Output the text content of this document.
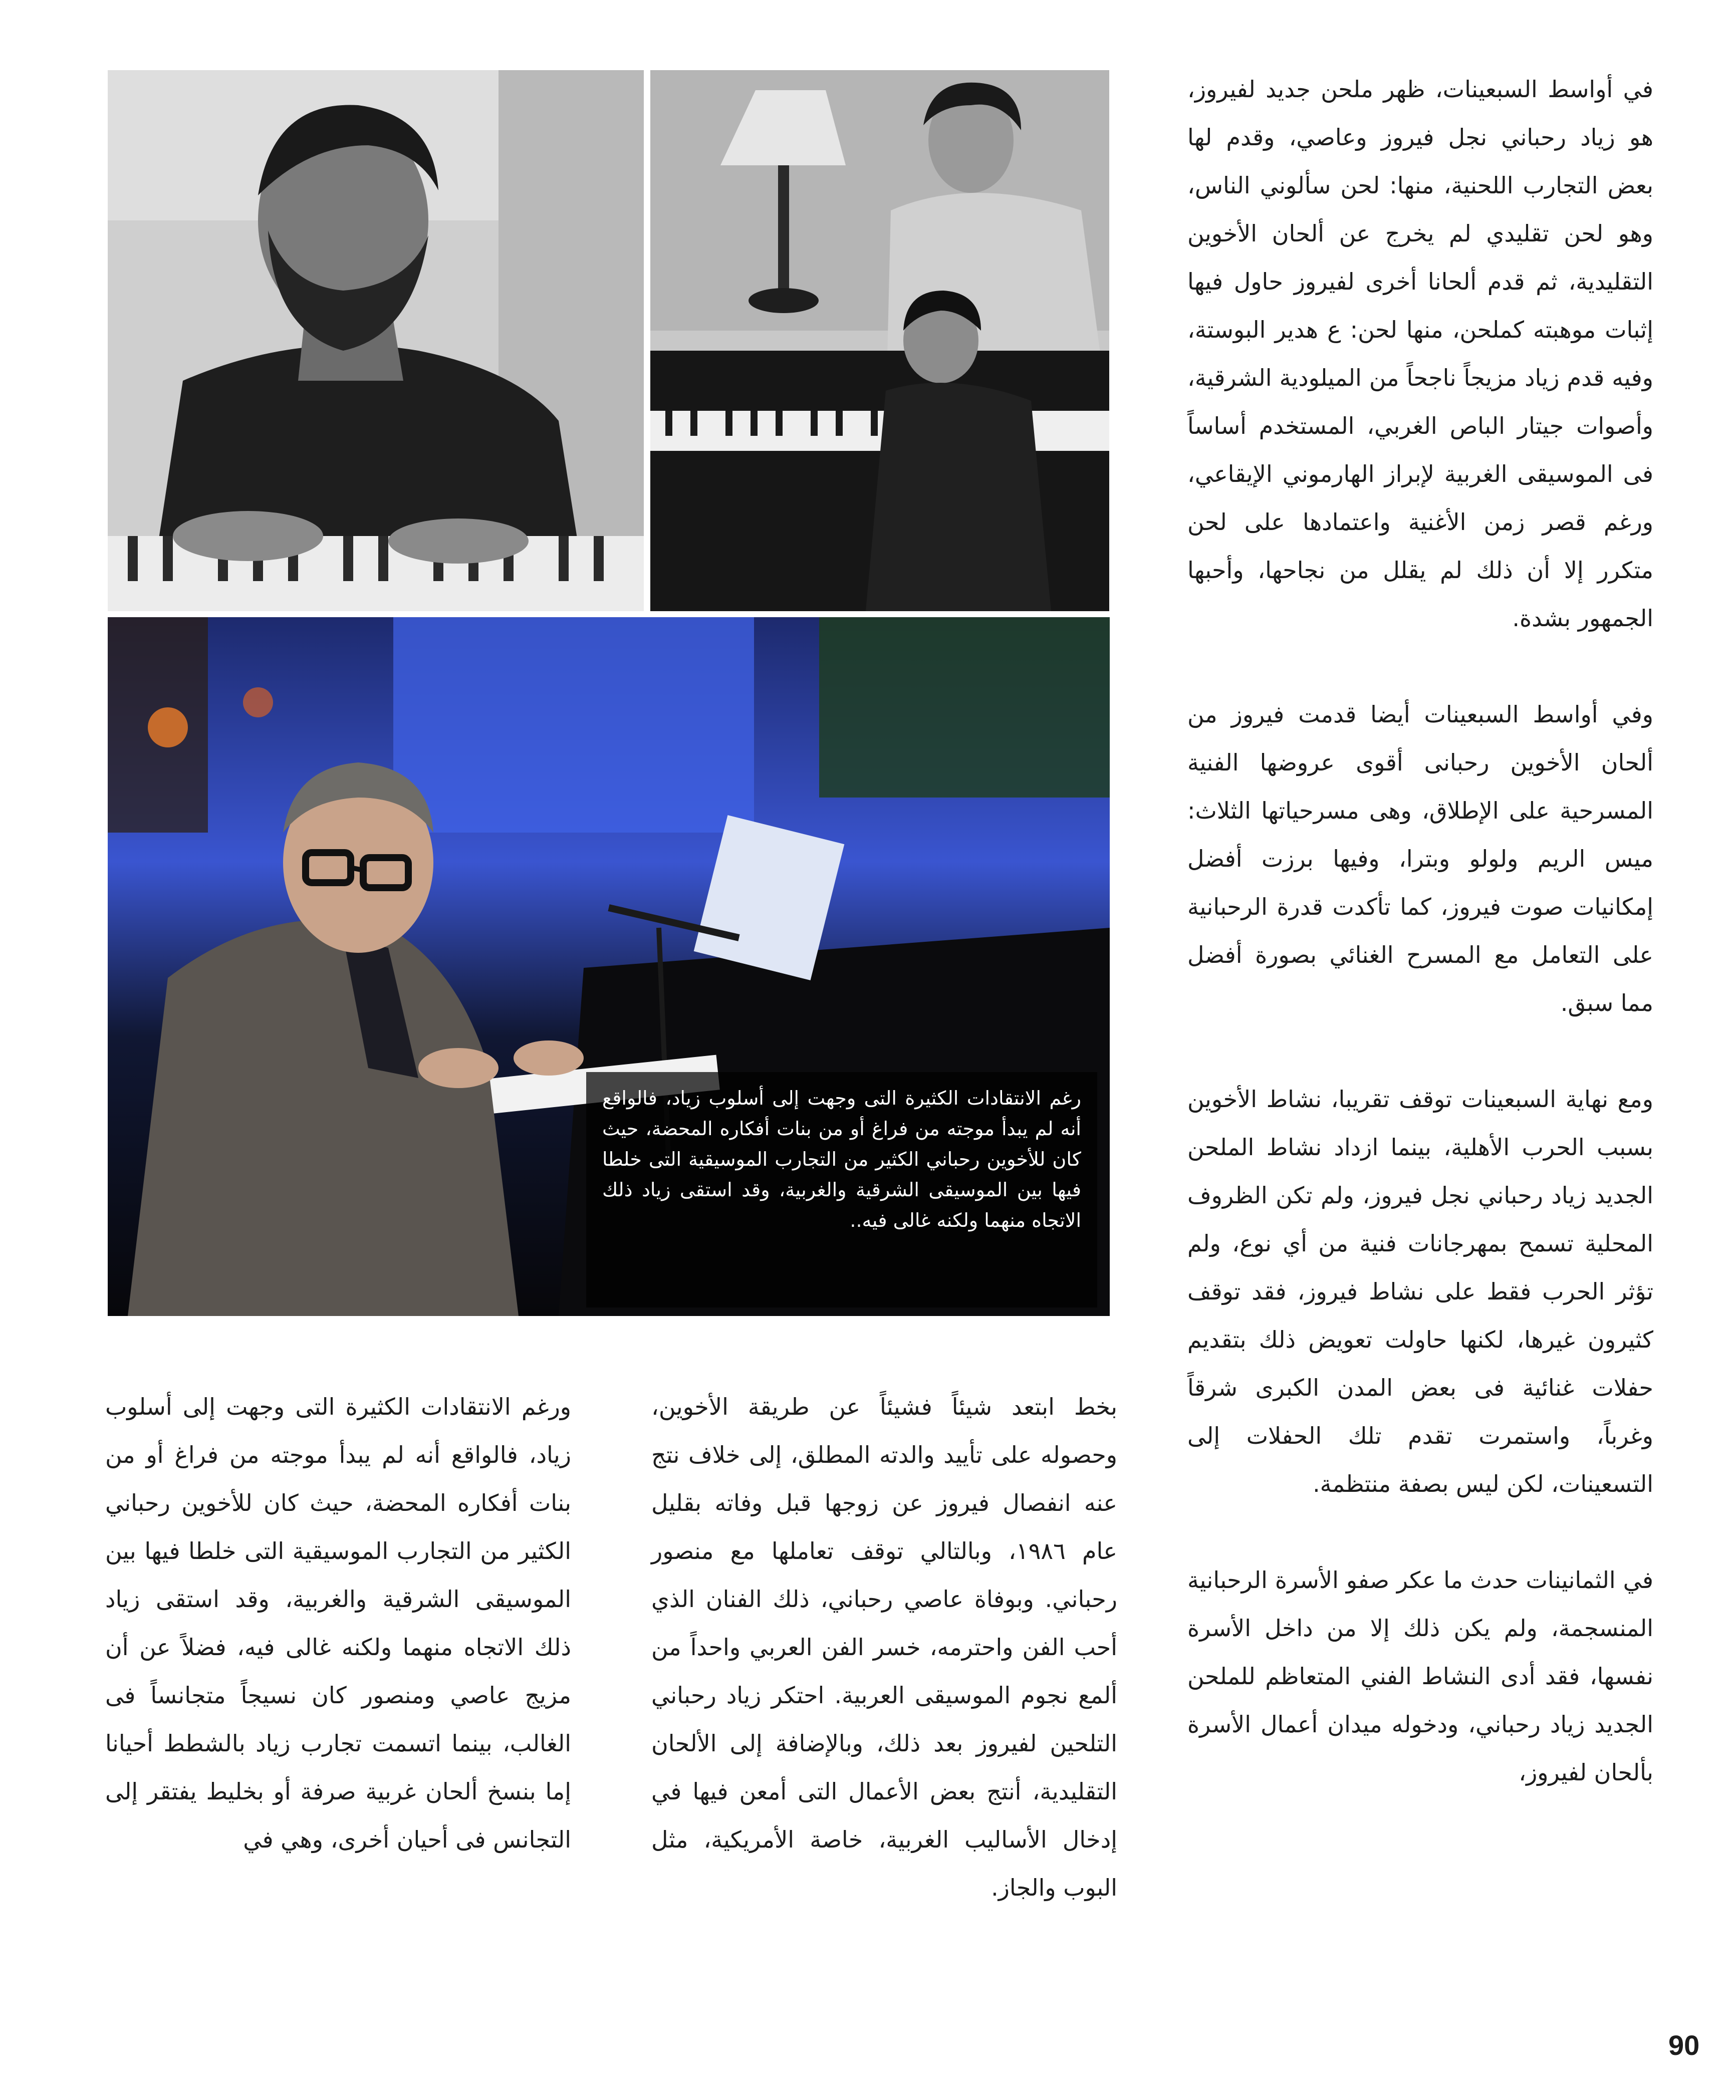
في أواسط السبعينات، ظهر ملحن جديد لفيروز، هو زياد رحباني نجل فيروز وعاصي، وقدم لها بعض التجارب اللحنية، منها: لحن سألوني الناس، وهو لحن تقليدي لم يخرج عن ألحان الأخوين التقليدية، ثم قدم ألحانا أخرى لفيروز حاول فيها إثبات موهبته كملحن، منها لحن: ع هدير البوستة، وفيه قدم زياد مزيجاً ناجحاً من الميلودية الشرقية، وأصوات جيتار الباص الغربي، المستخدم أساساً فى الموسيقى الغربية لإبراز الهارموني الإيقاعي، ورغم قصر زمن الأغنية واعتمادها على لحن متكرر إلا أن ذلك لم يقلل من نجاحها، وأحبها الجمهور بشدة.

وفي أواسط السبعينات أيضا قدمت فيروز من ألحان الأخوين رحبانى أقوى عروضها الفنية المسرحية على الإطلاق، وهى مسرحياتها الثلاث: ميس الريم ولولو وبترا، وفيها برزت أفضل إمكانيات صوت فيروز، كما تأكدت قدرة الرحبانية على التعامل مع المسرح الغنائي بصورة أفضل مما سبق.

ومع نهاية السبعينات توقف تقريبا، نشاط الأخوين بسبب الحرب الأهلية، بينما ازداد نشاط الملحن الجديد زياد رحباني نجل فيروز، ولم تكن الظروف المحلية تسمح بمهرجانات فنية من أي نوع، ولم تؤثر الحرب فقط على نشاط فيروز، فقد توقف كثيرون غيرها، لكنها حاولت تعويض ذلك بتقديم حفلات غنائية فى بعض المدن الكبرى شرقاً وغرباً، واستمرت تقدم تلك الحفلات إلى التسعينات، لكن ليس بصفة منتظمة.

في الثمانينات حدث ما عكر صفو الأسرة الرحبانية المنسجمة، ولم يكن ذلك إلا من داخل الأسرة نفسها، فقد أدى النشاط الفني المتعاظم للملحن الجديد زياد رحباني، ودخوله ميدان أعمال الأسرة بألحان لفيروز،

رغم الانتقادات الكثيرة التى وجهت إلى أسلوب زياد، فالواقع أنه لم يبدأ موجته من فراغ أو من بنات أفكاره المحضة، حيث كان للأخوين رحباني الكثير من التجارب الموسيقية التى خلطا فيها بين الموسيقى الشرقية والغربية، وقد استقى زياد ذلك الاتجاه منهما ولكنه غالى فيه..

بخط ابتعد شيئاً فشيئاً عن طريقة الأخوين، وحصوله على تأييد والدته المطلق، إلى خلاف نتج عنه انفصال فيروز عن زوجها قبل وفاته بقليل عام ١٩٨٦، وبالتالي توقف تعاملها مع منصور رحباني. وبوفاة عاصي رحباني، ذلك الفنان الذي أحب الفن واحترمه، خسر الفن العربي واحداً من ألمع نجوم الموسيقى العربية. احتكر زياد رحباني التلحين لفيروز بعد ذلك، وبالإضافة إلى الألحان التقليدية، أنتج بعض الأعمال التى أمعن فيها في إدخال الأساليب الغربية، خاصة الأمريكية، مثل البوب والجاز.

ورغم الانتقادات الكثيرة التى وجهت إلى أسلوب زياد، فالواقع أنه لم يبدأ موجته من فراغ أو من بنات أفكاره المحضة، حيث كان للأخوين رحباني الكثير من التجارب الموسيقية التى خلطا فيها بين الموسيقى الشرقية والغربية، وقد استقى زياد ذلك الاتجاه منهما ولكنه غالى فيه، فضلاً عن أن مزيج عاصي ومنصور كان نسيجاً متجانساً فى الغالب، بينما اتسمت تجارب زياد بالشطط أحيانا إما بنسخ ألحان غربية صرفة أو بخليط يفتقر إلى التجانس فى أحيان أخرى، وهي في

90
